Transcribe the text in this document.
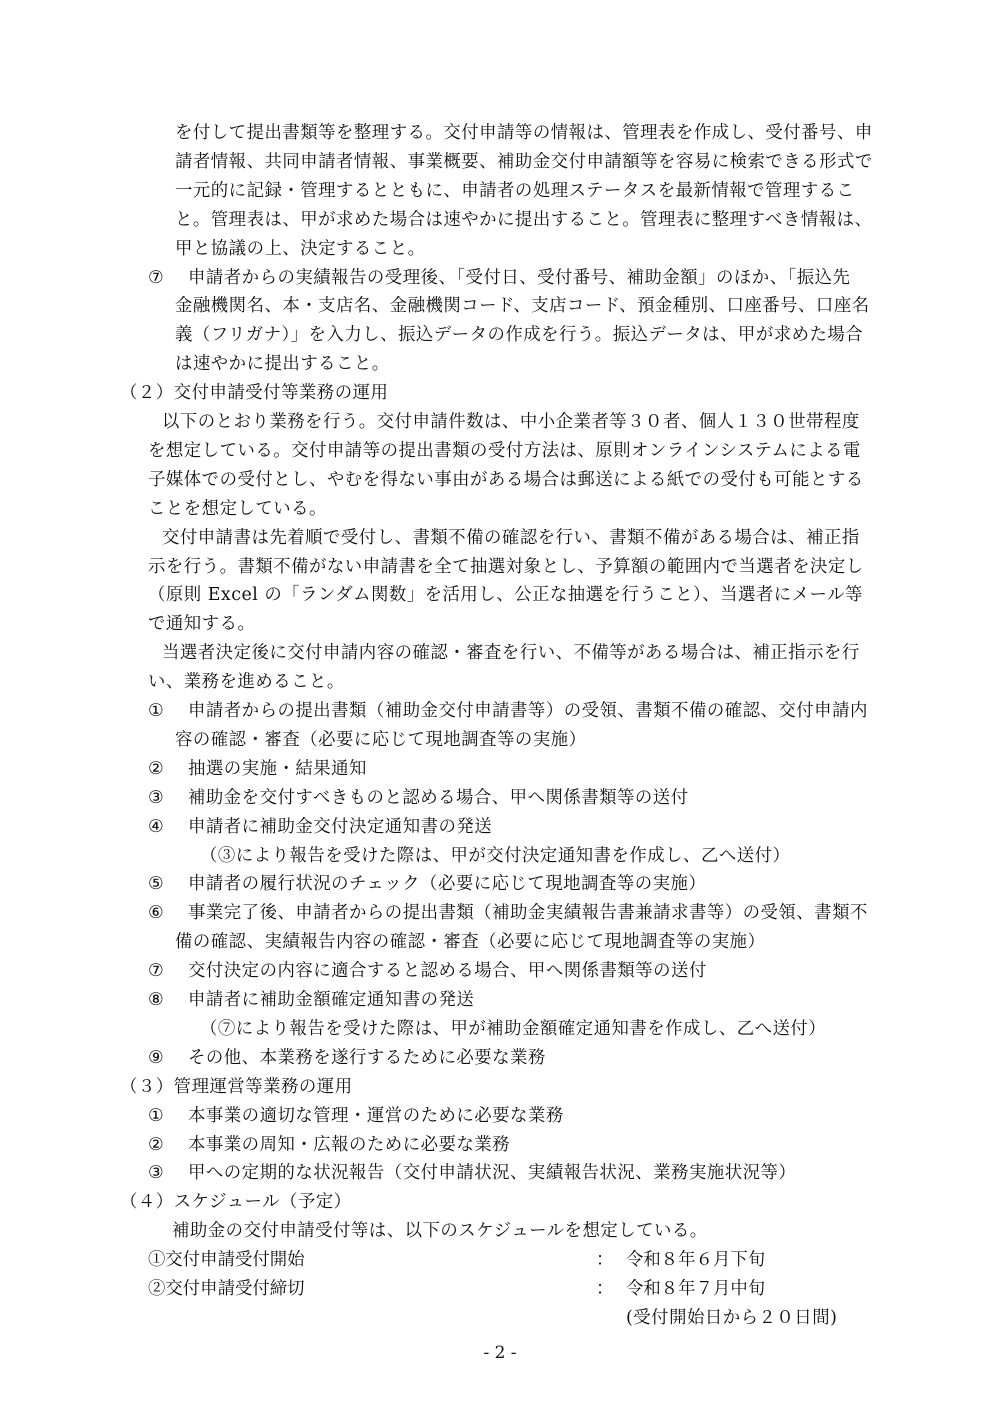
を付して提出書類等を整理する。交付申請等の情報は、管理表を作成し、受付番号、申
請者情報、共同申請者情報、事業概要、補助金交付申請額等を容易に検索できる形式で
一元的に記録・管理するとともに、申請者の処理ステータスを最新情報で管理するこ
と。管理表は、甲が求めた場合は速やかに提出すること。管理表に整理すべき情報は、
甲と協議の上、決定すること。
⑦ 申請者からの実績報告の受理後、「受付日、受付番号、補助金額」のほか、「振込先
金融機関名、本・支店名、金融機関コード、支店コード、預金種別、口座番号、口座名
義（フリガナ）」を入力し、振込データの作成を行う。振込データは、甲が求めた場合
は速やかに提出すること。
（２）交付申請受付等業務の運用
以下のとおり業務を行う。交付申請件数は、中小企業者等３０者、個人１３０世帯程度
を想定している。交付申請等の提出書類の受付方法は、原則オンラインシステムによる電
子媒体での受付とし、やむを得ない事由がある場合は郵送による紙での受付も可能とする
ことを想定している。
交付申請書は先着順で受付し、書類不備の確認を行い、書類不備がある場合は、補正指
示を行う。書類不備がない申請書を全て抽選対象とし、予算額の範囲内で当選者を決定し
（原則 Excel の「ランダム関数」を活用し、公正な抽選を行うこと）、当選者にメール等
で通知する。
当選者決定後に交付申請内容の確認・審査を行い、不備等がある場合は、補正指示を行
い、業務を進めること。
① 申請者からの提出書類（補助金交付申請書等）の受領、書類不備の確認、交付申請内
容の確認・審査（必要に応じて現地調査等の実施）
② 抽選の実施・結果通知
③ 補助金を交付すべきものと認める場合、甲へ関係書類等の送付
④ 申請者に補助金交付決定通知書の発送
（③により報告を受けた際は、甲が交付決定通知書を作成し、乙へ送付）
⑤ 申請者の履行状況のチェック（必要に応じて現地調査等の実施）
⑥ 事業完了後、申請者からの提出書類（補助金実績報告書兼請求書等）の受領、書類不
備の確認、実績報告内容の確認・審査（必要に応じて現地調査等の実施）
⑦ 交付決定の内容に適合すると認める場合、甲へ関係書類等の送付
⑧ 申請者に補助金額確定通知書の発送
（⑦により報告を受けた際は、甲が補助金額確定通知書を作成し、乙へ送付）
⑨ その他、本業務を遂行するために必要な業務
（３）管理運営等業務の運用
① 本事業の適切な管理・運営のために必要な業務
② 本事業の周知・広報のために必要な業務
③ 甲への定期的な状況報告（交付申請状況、実績報告状況、業務実施状況等）
- 2 -
（４）スケジュール（予定）
補助金の交付申請受付等は、以下のスケジュールを想定している。
①交付申請受付開始	： 令和８年６月下旬
②交付申請受付締切	： 令和８年７月中旬
(受付開始日から２０日間)
